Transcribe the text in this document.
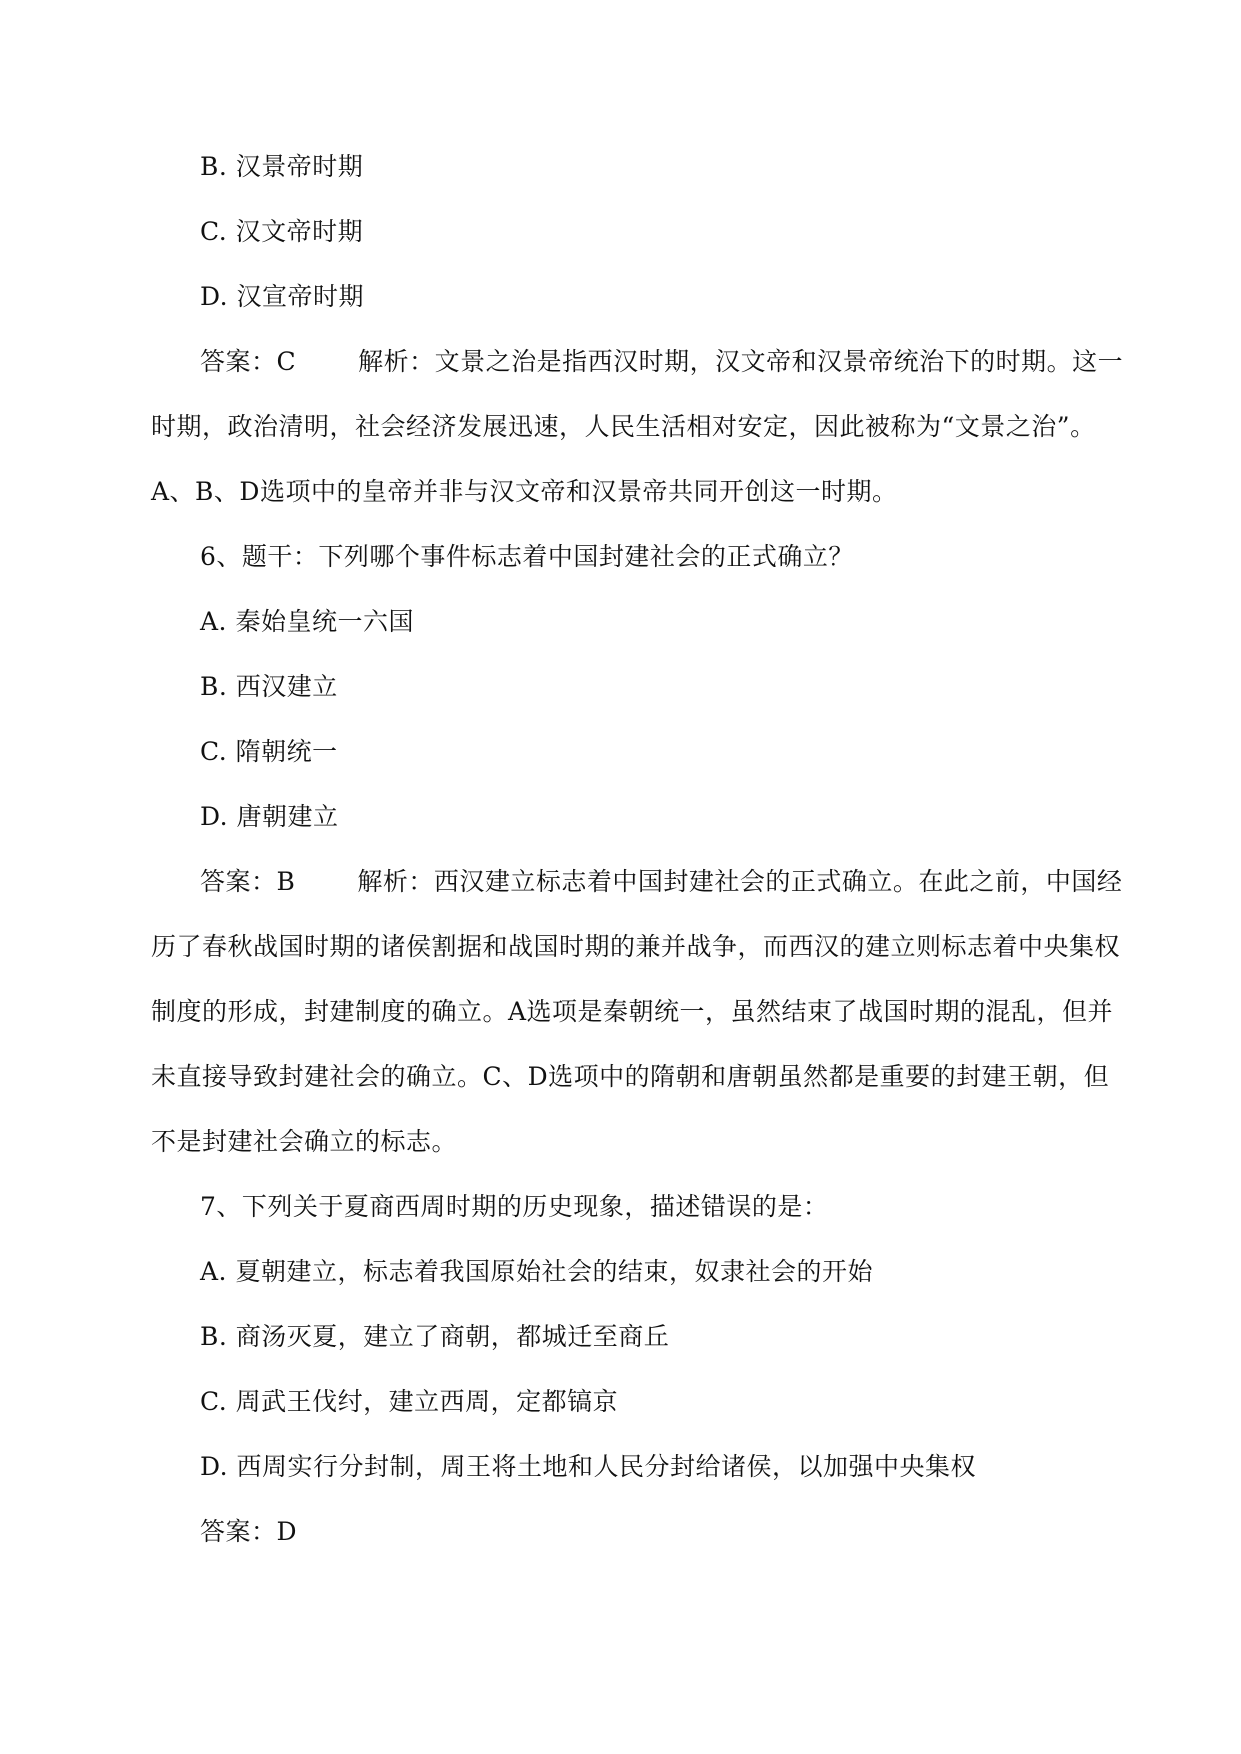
B. 汉景帝时期
C. 汉文帝时期
D. 汉宣帝时期
答案：C 解析：文景之治是指西汉时期，汉文帝和汉景帝统治下的时期。这一
时期，政治清明，社会经济发展迅速，人民生活相对安定，因此被称为“文景之治”。
A、B、D选项中的皇帝并非与汉文帝和汉景帝共同开创这一时期。
6、题干：下列哪个事件标志着中国封建社会的正式确立？
A. 秦始皇统一六国
B. 西汉建立
C. 隋朝统一
D. 唐朝建立
答案：B 解析：西汉建立标志着中国封建社会的正式确立。在此之前，中国经
历了春秋战国时期的诸侯割据和战国时期的兼并战争，而西汉的建立则标志着中央集权
制度的形成，封建制度的确立。A选项是秦朝统一，虽然结束了战国时期的混乱，但并
未直接导致封建社会的确立。C、D选项中的隋朝和唐朝虽然都是重要的封建王朝，但
不是封建社会确立的标志。
7、下列关于夏商西周时期的历史现象，描述错误的是：
A. 夏朝建立，标志着我国原始社会的结束，奴隶社会的开始
B. 商汤灭夏，建立了商朝，都城迁至商丘
C. 周武王伐纣，建立西周，定都镐京
D. 西周实行分封制，周王将土地和人民分封给诸侯，以加强中央集权
答案：D
